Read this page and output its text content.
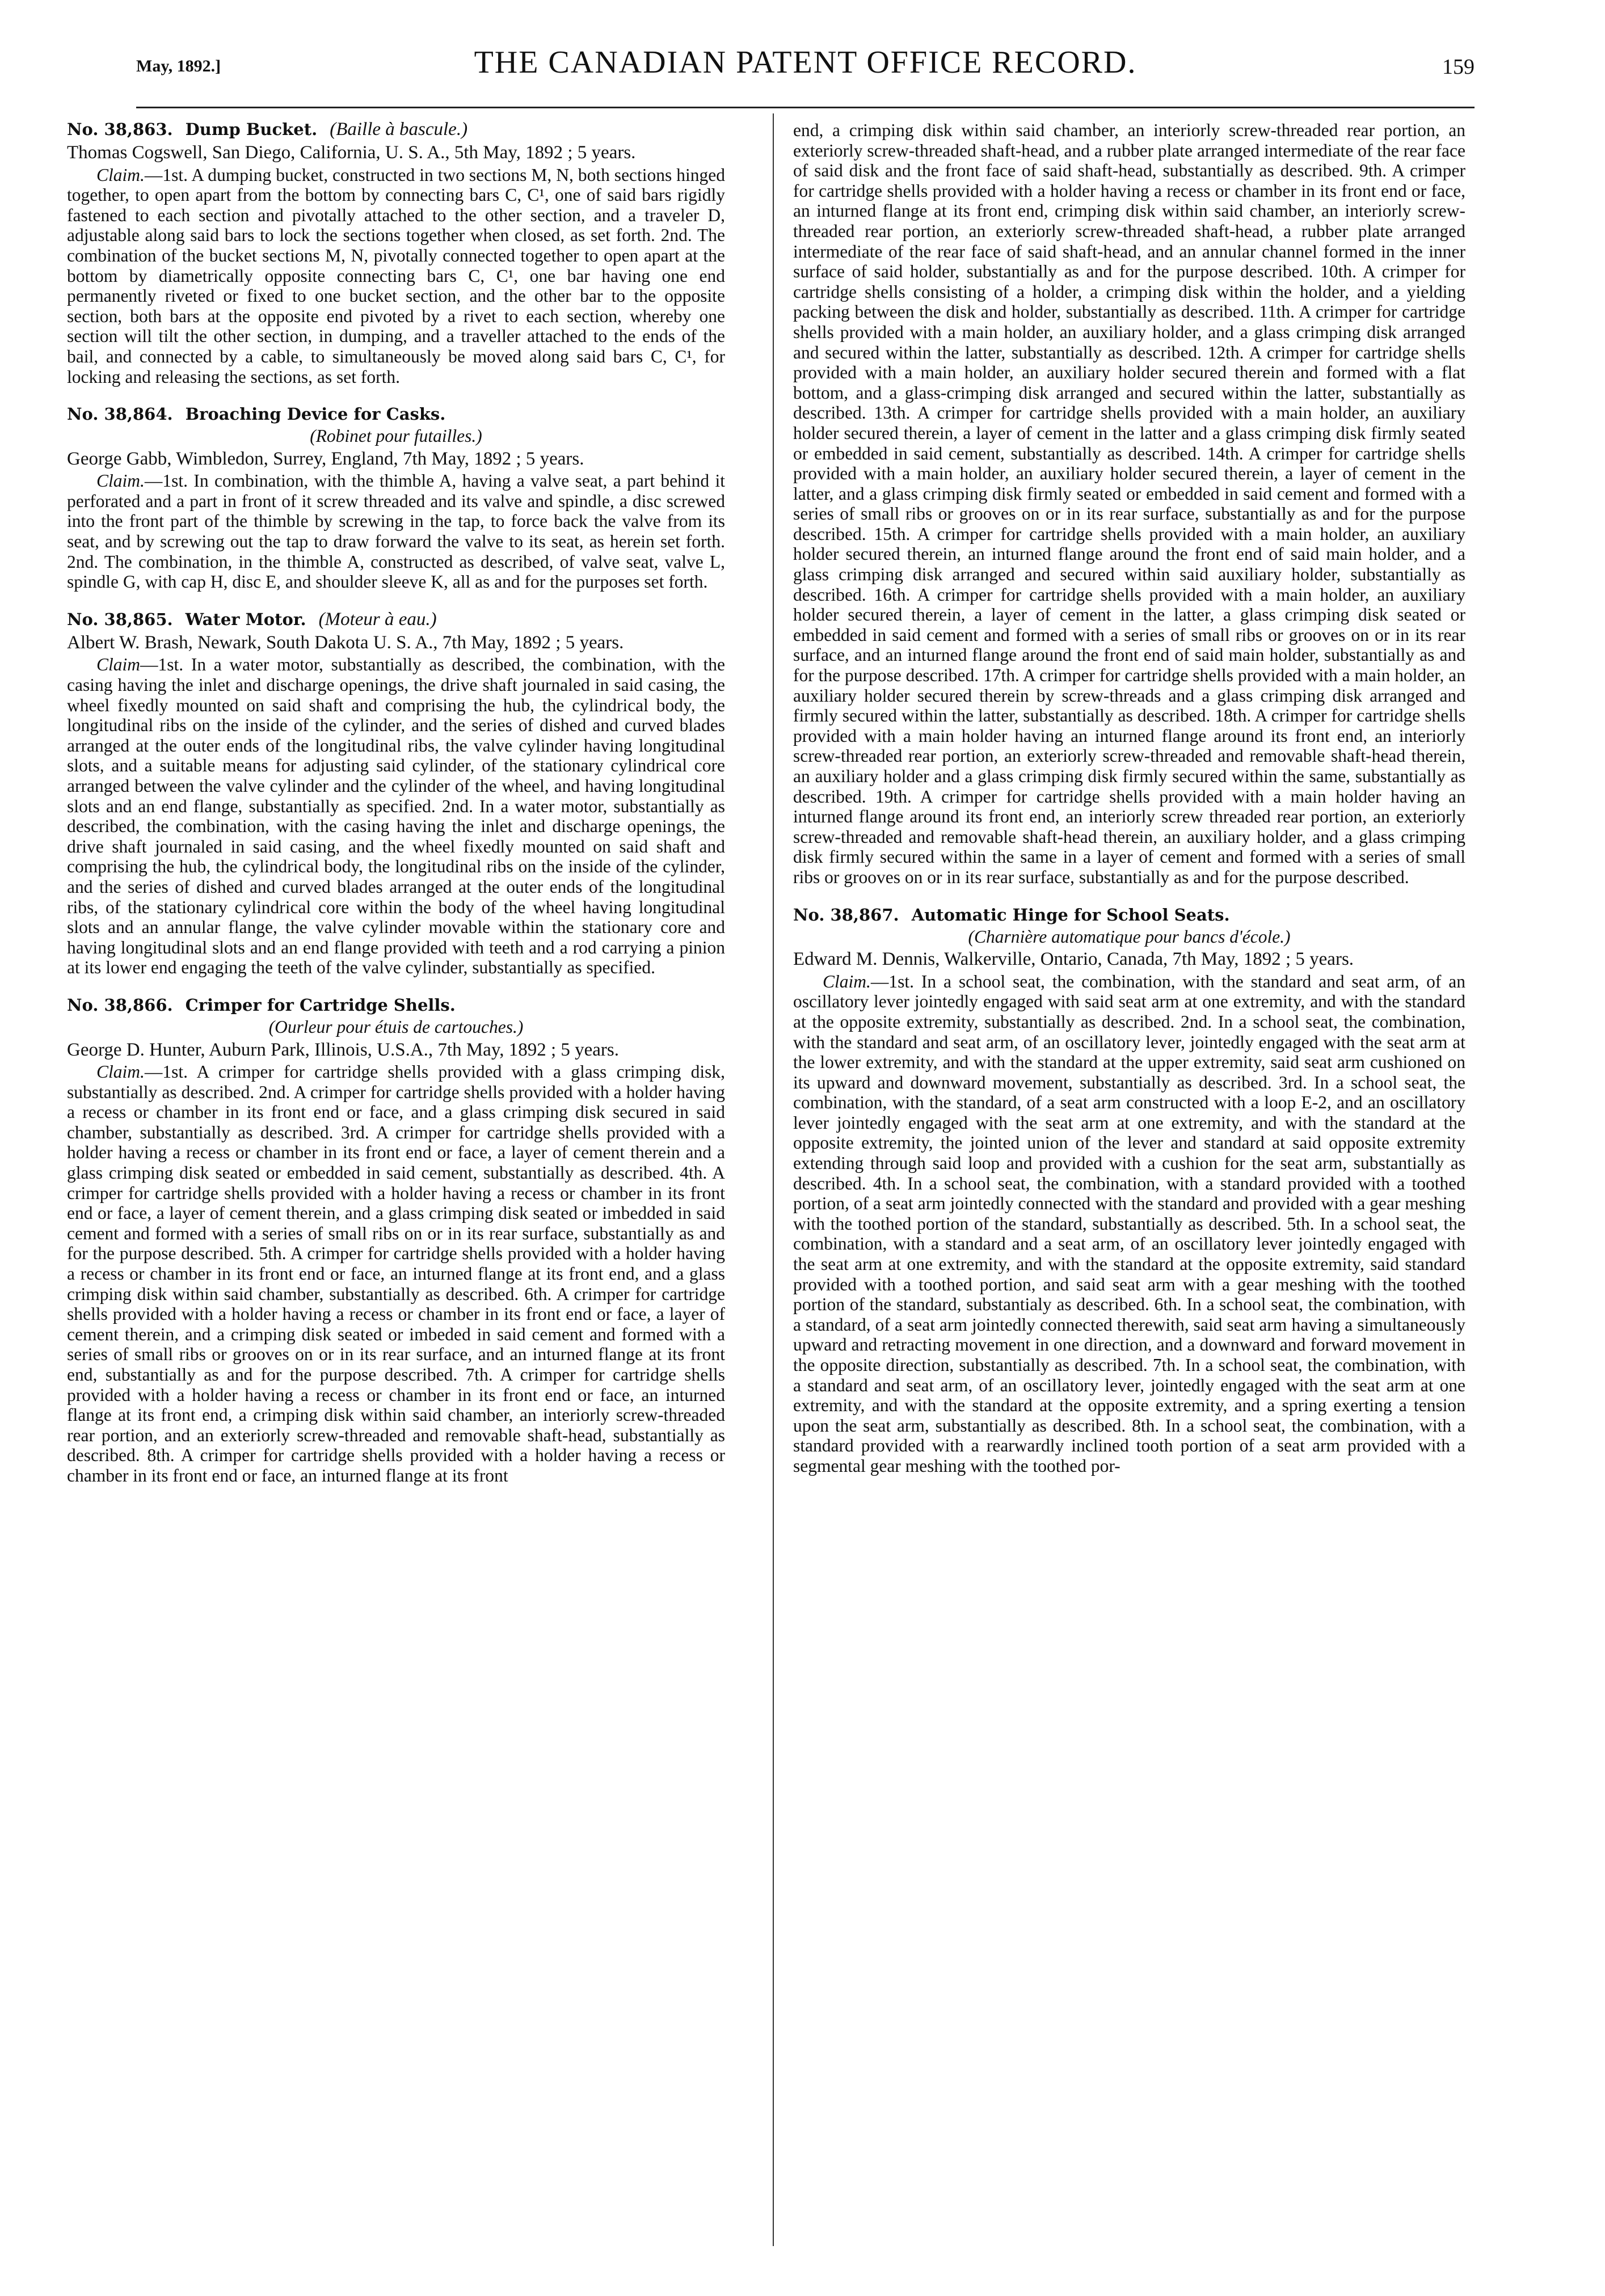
May, 1892.]	THE CANADIAN PATENT OFFICE RECORD.	159

No. 38,863. Dump Bucket. (Baille à bascule.)

Thomas Cogswell, San Diego, California, U. S. A., 5th May, 1892 ; 5 years.

Claim.—1st. A dumping bucket, constructed in two sections M, N, both sections hinged together, to open apart from the bottom by connecting bars C, C¹, one of said bars rigidly fastened to each section and pivotally attached to the other section, and a traveler D, adjustable along said bars to lock the sections together when closed, as set forth. 2nd. The combination of the bucket sections M, N, pivotally connected together to open apart at the bottom by diametrically opposite connecting bars C, C¹, one bar having one end permanently riveted or fixed to one bucket section, and the other bar to the opposite section, both bars at the opposite end pivoted by a rivet to each section, whereby one section will tilt the other section, in dumping, and a traveller attached to the ends of the bail, and connected by a cable, to simultaneously be moved along said bars C, C¹, for locking and releasing the sections, as set forth.

No. 38,864. Broaching Device for Casks.

(Robinet pour futailles.)

George Gabb, Wimbledon, Surrey, England, 7th May, 1892 ; 5 years.

Claim.—1st. In combination, with the thimble A, having a valve seat, a part behind it perforated and a part in front of it screw threaded and its valve and spindle, a disc screwed into the front part of the thimble by screwing in the tap, to force back the valve from its seat, and by screwing out the tap to draw forward the valve to its seat, as herein set forth. 2nd. The combination, in the thimble A, constructed as described, of valve seat, valve L, spindle G, with cap H, disc E, and shoulder sleeve K, all as and for the purposes set forth.

No. 38,865. Water Motor. (Moteur à eau.)

Albert W. Brash, Newark, South Dakota U. S. A., 7th May, 1892 ; 5 years.

Claim—1st. In a water motor, substantially as described, the combination, with the casing having the inlet and discharge openings, the drive shaft journaled in said casing, the wheel fixedly mounted on said shaft and comprising the hub, the cylindrical body, the longitudinal ribs on the inside of the cylinder, and the series of dished and curved blades arranged at the outer ends of the longitudinal ribs, the valve cylinder having longitudinal slots, and a suitable means for adjusting said cylinder, of the stationary cylindrical core arranged between the valve cylinder and the cylinder of the wheel, and having longitudinal slots and an end flange, substantially as specified. 2nd. In a water motor, substantially as described, the combination, with the casing having the inlet and discharge openings, the drive shaft journaled in said casing, and the wheel fixedly mounted on said shaft and comprising the hub, the cylindrical body, the longitudinal ribs on the inside of the cylinder, and the series of dished and curved blades arranged at the outer ends of the longitudinal ribs, of the stationary cylindrical core within the body of the wheel having longitudinal slots and an annular flange, the valve cylinder movable within the stationary core and having longitudinal slots and an end flange provided with teeth and a rod carrying a pinion at its lower end engaging the teeth of the valve cylinder, substantially as specified.

No. 38,866. Crimper for Cartridge Shells.

(Ourleur pour étuis de cartouches.)

George D. Hunter, Auburn Park, Illinois, U.S.A., 7th May, 1892 ; 5 years.

Claim.—1st. A crimper for cartridge shells provided with a glass crimping disk, substantially as described. 2nd. A crimper for cartridge shells provided with a holder having a recess or chamber in its front end or face, and a glass crimping disk secured in said chamber, substantially as described. 3rd. A crimper for cartridge shells provided with a holder having a recess or chamber in its front end or face, a layer of cement therein and a glass crimping disk seated or embedded in said cement, substantially as described. 4th. A crimper for cartridge shells provided with a holder having a recess or chamber in its front end or face, a layer of cement therein, and a glass crimping disk seated or imbedded in said cement and formed with a series of small ribs on or in its rear surface, substantially as and for the purpose described. 5th. A crimper for cartridge shells provided with a holder having a recess or chamber in its front end or face, an inturned flange at its front end, and a glass crimping disk within said chamber, substantially as described. 6th. A crimper for cartridge shells provided with a holder having a recess or chamber in its front end or face, a layer of cement therein, and a crimping disk seated or imbeded in said cement and formed with a series of small ribs or grooves on or in its rear surface, and an inturned flange at its front end, substantially as and for the purpose described. 7th. A crimper for cartridge shells provided with a holder having a recess or chamber in its front end or face, an inturned flange at its front end, a crimping disk within said chamber, an interiorly screw-threaded rear portion, and an exteriorly screw-threaded and removable shaft-head, substantially as described. 8th. A crimper for cartridge shells provided with a holder having a recess or chamber in its front end or face, an inturned flange at its front

end, a crimping disk within said chamber, an interiorly screw-threaded rear portion, an exteriorly screw-threaded shaft-head, and a rubber plate arranged intermediate of the rear face of said disk and the front face of said shaft-head, substantially as described. 9th. A crimper for cartridge shells provided with a holder having a recess or chamber in its front end or face, an inturned flange at its front end, crimping disk within said chamber, an interiorly screw-threaded rear portion, an exteriorly screw-threaded shaft-head, a rubber plate arranged intermediate of the rear face of said shaft-head, and an annular channel formed in the inner surface of said holder, substantially as and for the purpose described. 10th. A crimper for cartridge shells consisting of a holder, a crimping disk within the holder, and a yielding packing between the disk and holder, substantially as described. 11th. A crimper for cartridge shells provided with a main holder, an auxiliary holder, and a glass crimping disk arranged and secured within the latter, substantially as described. 12th. A crimper for cartridge shells provided with a main holder, an auxiliary holder secured therein and formed with a flat bottom, and a glass-crimping disk arranged and secured within the latter, substantially as described. 13th. A crimper for cartridge shells provided with a main holder, an auxiliary holder secured therein, a layer of cement in the latter and a glass crimping disk firmly seated or embedded in said cement, substantially as described. 14th. A crimper for cartridge shells provided with a main holder, an auxiliary holder secured therein, a layer of cement in the latter, and a glass crimping disk firmly seated or embedded in said cement and formed with a series of small ribs or grooves on or in its rear surface, substantially as and for the purpose described. 15th. A crimper for cartridge shells provided with a main holder, an auxiliary holder secured therein, an inturned flange around the front end of said main holder, and a glass crimping disk arranged and secured within said auxiliary holder, substantially as described. 16th. A crimper for cartridge shells provided with a main holder, an auxiliary holder secured therein, a layer of cement in the latter, a glass crimping disk seated or embedded in said cement and formed with a series of small ribs or grooves on or in its rear surface, and an inturned flange around the front end of said main holder, substantially as and for the purpose described. 17th. A crimper for cartridge shells provided with a main holder, an auxiliary holder secured therein by screw-threads and a glass crimping disk arranged and firmly secured within the latter, substantially as described. 18th. A crimper for cartridge shells provided with a main holder having an inturned flange around its front end, an interiorly screw-threaded rear portion, an exteriorly screw-threaded and removable shaft-head therein, an auxiliary holder and a glass crimping disk firmly secured within the same, substantially as described. 19th. A crimper for cartridge shells provided with a main holder having an inturned flange around its front end, an interiorly screw threaded rear portion, an exteriorly screw-threaded and removable shaft-head therein, an auxiliary holder, and a glass crimping disk firmly secured within the same in a layer of cement and formed with a series of small ribs or grooves on or in its rear surface, substantially as and for the purpose described.

No. 38,867. Automatic Hinge for School Seats.

(Charnière automatique pour bancs d'école.)

Edward M. Dennis, Walkerville, Ontario, Canada, 7th May, 1892 ; 5 years.

Claim.—1st. In a school seat, the combination, with the standard and seat arm, of an oscillatory lever jointedly engaged with said seat arm at one extremity, and with the standard at the opposite extremity, substantially as described. 2nd. In a school seat, the combination, with the standard and seat arm, of an oscillatory lever, jointedly engaged with the seat arm at the lower extremity, and with the standard at the upper extremity, said seat arm cushioned on its upward and downward movement, substantially as described. 3rd. In a school seat, the combination, with the standard, of a seat arm constructed with a loop E-2, and an oscillatory lever jointedly engaged with the seat arm at one extremity, and with the standard at the opposite extremity, the jointed union of the lever and standard at said opposite extremity extending through said loop and provided with a cushion for the seat arm, substantially as described. 4th. In a school seat, the combination, with a standard provided with a toothed portion, of a seat arm jointedly connected with the standard and provided with a gear meshing with the toothed portion of the standard, substantially as described. 5th. In a school seat, the combination, with a standard and a seat arm, of an oscillatory lever jointedly engaged with the seat arm at one extremity, and with the standard at the opposite extremity, said standard provided with a toothed portion, and said seat arm with a gear meshing with the toothed portion of the standard, substantialy as described. 6th. In a school seat, the combination, with a standard, of a seat arm jointedly connected therewith, said seat arm having a simultaneously upward and retracting movement in one direction, and a downward and forward movement in the opposite direction, substantially as described. 7th. In a school seat, the combination, with a standard and seat arm, of an oscillatory lever, jointedly engaged with the seat arm at one extremity, and with the standard at the opposite extremity, and a spring exerting a tension upon the seat arm, substantially as described. 8th. In a school seat, the combination, with a standard provided with a rearwardly inclined tooth portion of a seat arm provided with a segmental gear meshing with the toothed por-
